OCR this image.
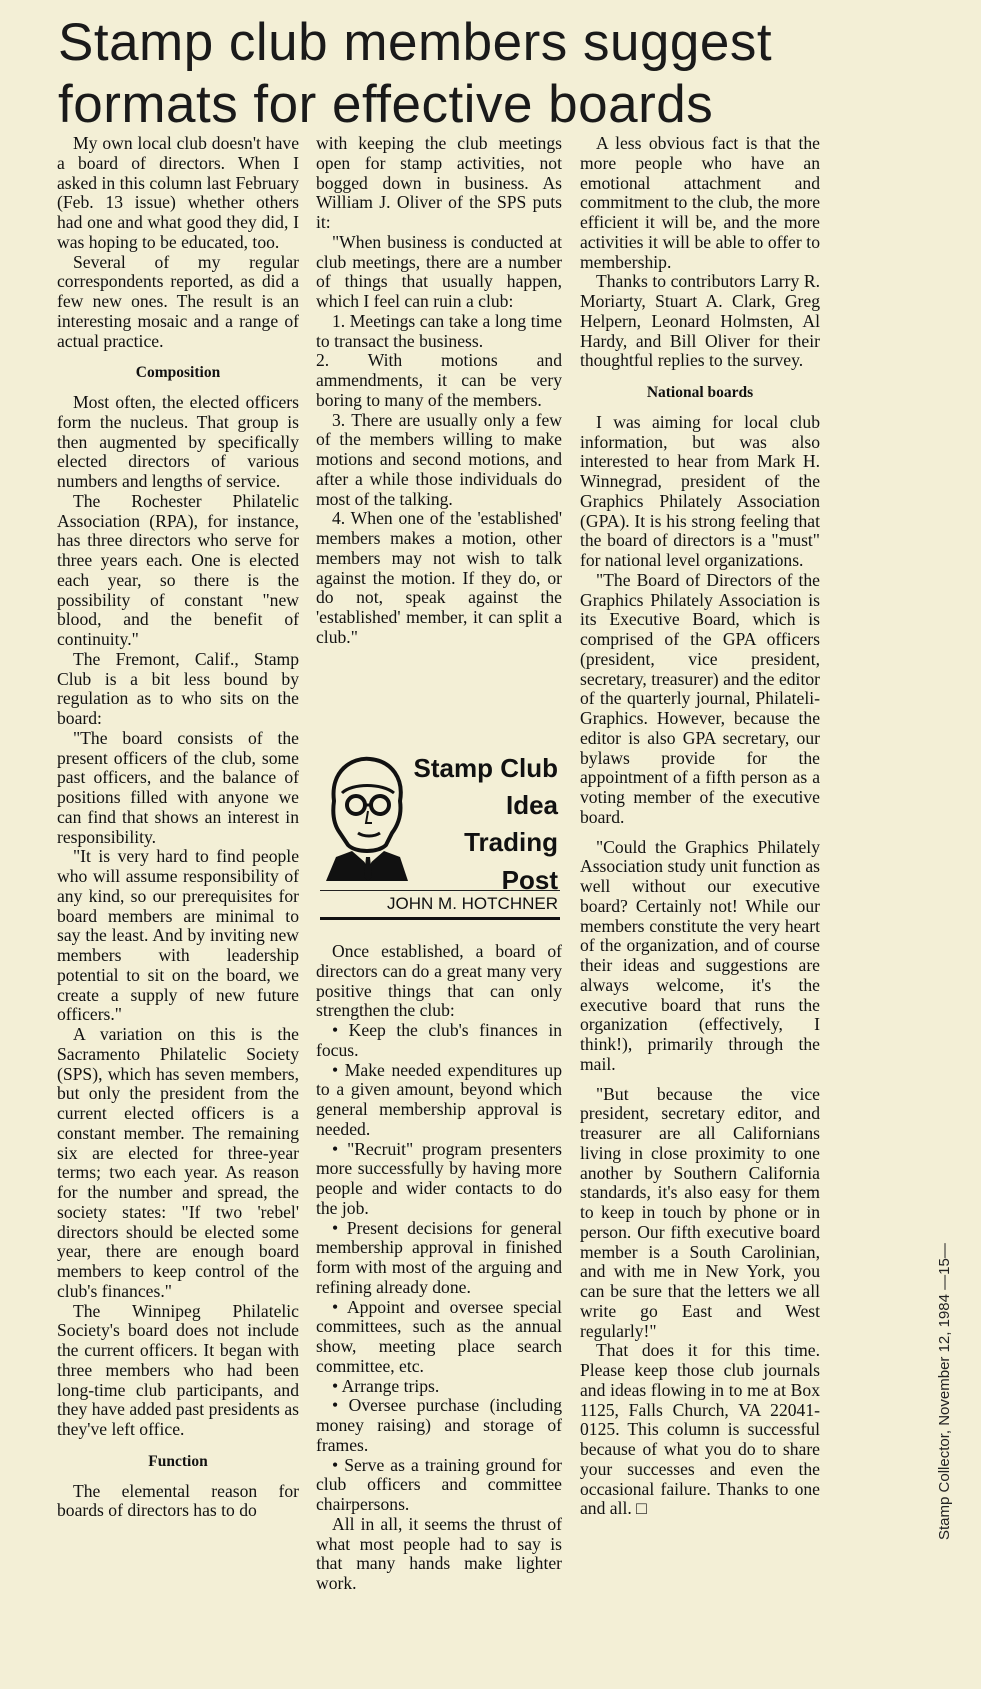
Stamp club members suggest
formats for effective boards

My own local club doesn't have a board of directors. When I asked in this column last February (Feb. 13 issue) whether others had one and what good they did, I was hoping to be educated, too.

Several of my regular correspondents reported, as did a few new ones. The result is an interesting mosaic and a range of actual practice.

Composition

Most often, the elected officers form the nucleus. That group is then augmented by specifically elected directors of various numbers and lengths of service.

The Rochester Philatelic Association (RPA), for instance, has three directors who serve for three years each. One is elected each year, so there is the possibility of constant "new blood, and the benefit of continuity."

The Fremont, Calif., Stamp Club is a bit less bound by regulation as to who sits on the board:

"The board consists of the present officers of the club, some past officers, and the balance of positions filled with anyone we can find that shows an interest in responsibility.

"It is very hard to find people who will assume responsibility of any kind, so our prerequisites for board members are minimal to say the least. And by inviting new members with leadership potential to sit on the board, we create a supply of new future officers."

A variation on this is the Sacramento Philatelic Society (SPS), which has seven members, but only the president from the current elected officers is a constant member. The remaining six are elected for three-year terms; two each year. As reason for the number and spread, the society states: "If two 'rebel' directors should be elected some year, there are enough board members to keep control of the club's finances."

The Winnipeg Philatelic Society's board does not include the current officers. It began with three members who had been long-time club participants, and they have added past presidents as they've left office.

Function

The elemental reason for boards of directors has to do

with keeping the club meetings open for stamp activities, not bogged down in business. As William J. Oliver of the SPS puts it:

"When business is conducted at club meetings, there are a number of things that usually happen, which I feel can ruin a club:

1. Meetings can take a long time to transact the business.

2. With motions and ammendments, it can be very boring to many of the members.

3. There are usually only a few of the members willing to make motions and second motions, and after a while those individuals do most of the talking.

4. When one of the 'established' members makes a motion, other members may not wish to talk against the motion. If they do, or do not, speak against the 'established' member, it can split a club."

Stamp Club
Idea
Trading
Post
JOHN M. HOTCHNER

Once established, a board of directors can do a great many very positive things that can only strengthen the club:

• Keep the club's finances in focus.

• Make needed expenditures up to a given amount, beyond which general membership approval is needed.

• "Recruit" program presenters more successfully by having more people and wider contacts to do the job.

• Present decisions for general membership approval in finished form with most of the arguing and refining already done.

• Appoint and oversee special committees, such as the annual show, meeting place search committee, etc.

• Arrange trips.

• Oversee purchase (including money raising) and storage of frames.

• Serve as a training ground for club officers and committee chairpersons.

All in all, it seems the thrust of what most people had to say is that many hands make lighter work.

A less obvious fact is that the more people who have an emotional attachment and commitment to the club, the more efficient it will be, and the more activities it will be able to offer to membership.

Thanks to contributors Larry R. Moriarty, Stuart A. Clark, Greg Helpern, Leonard Holmsten, Al Hardy, and Bill Oliver for their thoughtful replies to the survey.

National boards

I was aiming for local club information, but was also interested to hear from Mark H. Winnegrad, president of the Graphics Philately Association (GPA). It is his strong feeling that the board of directors is a "must" for national level organizations.

"The Board of Directors of the Graphics Philately Association is its Executive Board, which is comprised of the GPA officers (president, vice president, secretary, treasurer) and the editor of the quarterly journal, Philateli-Graphics. However, because the editor is also GPA secretary, our bylaws provide for the appointment of a fifth person as a voting member of the executive board.

"Could the Graphics Philately Association study unit function as well without our executive board? Certainly not! While our members constitute the very heart of the organization, and of course their ideas and suggestions are always welcome, it's the executive board that runs the organization (effectively, I think!), primarily through the mail.

"But because the vice president, secretary editor, and treasurer are all Californians living in close proximity to one another by Southern California standards, it's also easy for them to keep in touch by phone or in person. Our fifth executive board member is a South Carolinian, and with me in New York, you can be sure that the letters we all write go East and West regularly!"

That does it for this time. Please keep those club journals and ideas flowing in to me at Box 1125, Falls Church, VA 22041-0125. This column is successful because of what you do to share your successes and even the occasional failure. Thanks to one and all. □	Stamp Collector, November 12, 1984 —15—
